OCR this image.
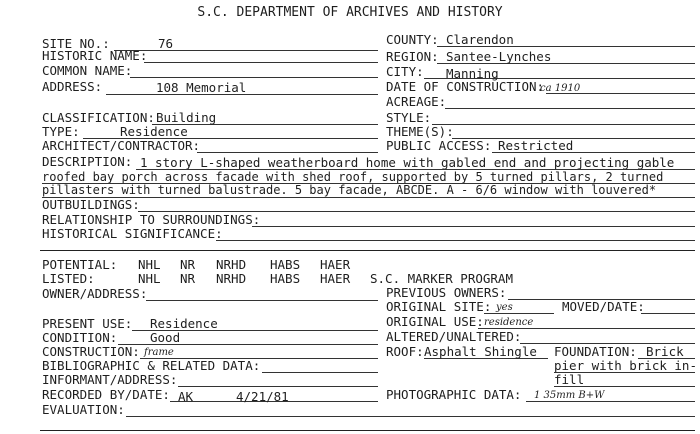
S.C. DEPARTMENT OF ARCHIVES AND HISTORY
SITE NO.:	76
HISTORIC NAME:
COMMON NAME:
ADDRESS:	108 Memorial
COUNTY: Clarendon
REGION: Santee-Lynches
CITY: Manning
DATE OF CONSTRUCTION:
ca 1910
ACREAGE:
CLASSIFICATION: Building
TYPE:	Residence
ARCHITECT/CONTRACTOR:
STYLE:
THEME(S):
PUBLIC ACCESS: Restricted
DESCRIPTION: 1 story L-shaped weatherboard home with gabled end and projecting gable
roofed bay porch across facade with shed roof, supported by 5 turned pillars, 2 turned
pillasters with turned balustrade. 5 bay facade, ABCDE. A - 6/6 window with louvered*
OUTBUILDINGS:
RELATIONSHIP TO SURROUNDINGS:
HISTORICAL SIGNIFICANCE:
POTENTIAL: NHL NR NRHD HABS HAER
LISTED:	NHL NR NRHD HABS HAER S.C. MARKER PROGRAM
OWNER/ADDRESS:	PREVIOUS OWNERS:
ORIGINAL SITE: yes	MOVED/DATE:
PRESENT USE: Residence	ORIGINAL USE: residence
CONDITION:	Good	ALTERED/UNALTERED:
CONSTRUCTION: frame	ROOF: Asphalt Shingle FOUNDATION: Brick
pier with brick in-
fill
BIBLIOGRAPHIC & RELATED DATA:
INFORMANT/ADDRESS:
RECORDED BY/DATE: AK	4/21/81	PHOTOGRAPHIC DATA: 1 35mm B+W
EVALUATION:
